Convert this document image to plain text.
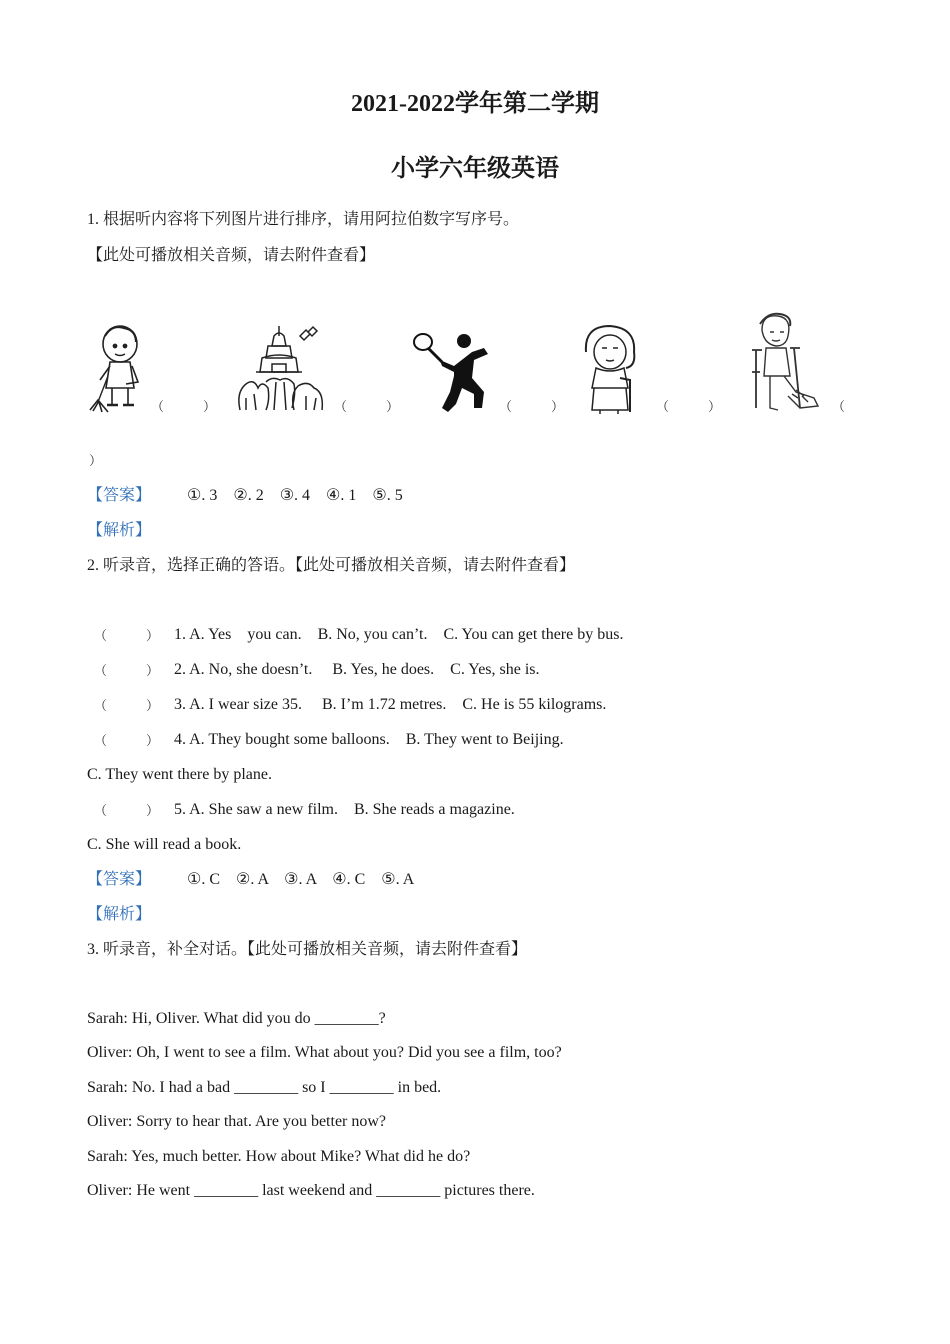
2021-2022学年第二学期
小学六年级英语
1. 根据听内容将下列图片进行排序，请用阿拉伯数字写序号。
【此处可播放相关音频，请去附件查看】
（　　　）	（　　　）	（　　　）	（　　　）	（
）
【答案】 ①. 3　②. 2　③. 4　④. 1　⑤. 5
【解析】
2. 听录音，选择正确的答语。【此处可播放相关音频，请去附件查看】
（　　　） 1. A. Yes　you can.　B. No, you can’t.　C. You can get there by bus.
（　　　） 2. A. No, she doesn’t.　 B. Yes, he does.　C. Yes, she is.
（　　　） 3. A. I wear size 35.　 B. I’m 1.72 metres.　C. He is 55 kilograms.
（　　　） 4. A. They bought some balloons.　B. They went to Beijing.
C. They went there by plane.
（　　　） 5. A. She saw a new film.　B. She reads a magazine.
C. She will read a book.
【答案】 ①. C　②. A　③. A　④. C　⑤. A
【解析】
3. 听录音，补全对话。【此处可播放相关音频，请去附件查看】
Sarah: Hi, Oliver. What did you do ________?
Oliver: Oh, I went to see a film. What about you? Did you see a film, too?
Sarah: No. I had a bad ________ so I ________ in bed.
Oliver: Sorry to hear that. Are you better now?
Sarah: Yes, much better. How about Mike? What did he do?
Oliver: He went ________ last weekend and ________ pictures there.
